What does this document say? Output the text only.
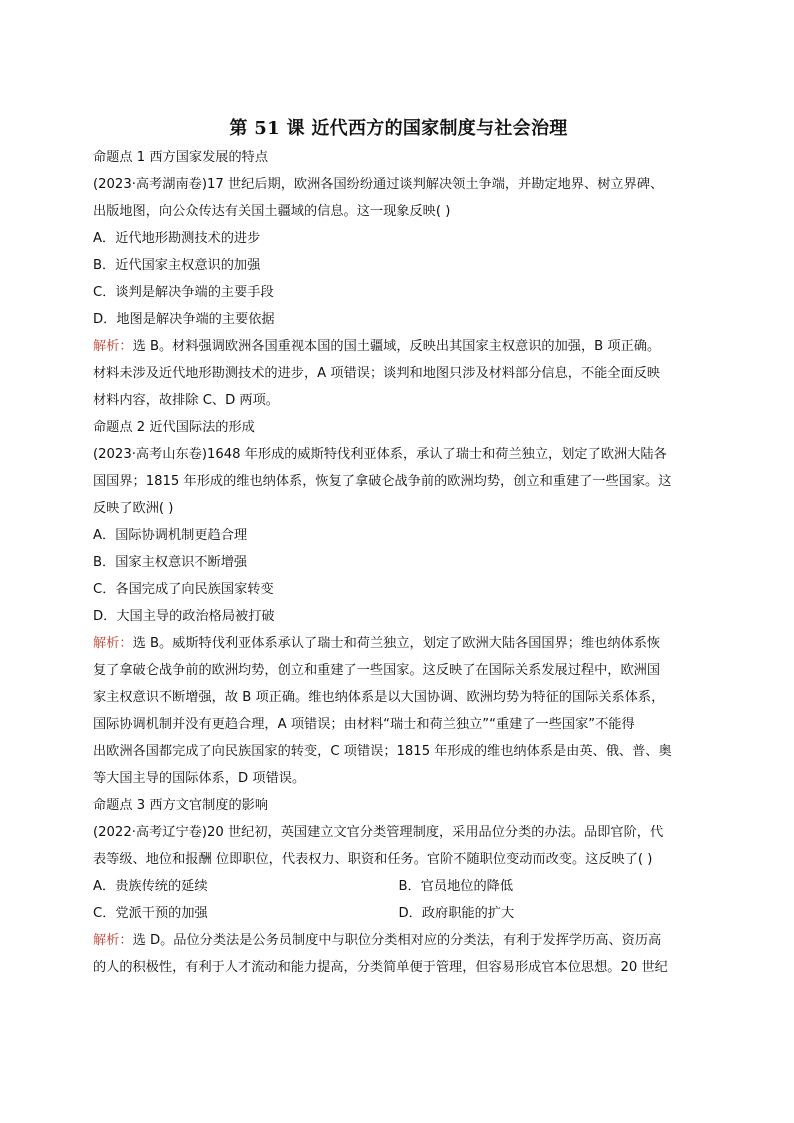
第 51 课 近代西方的国家制度与社会治理
命题点 1 西方国家发展的特点
(2023·高考湖南卷)17 世纪后期，欧洲各国纷纷通过谈判解决领土争端，并勘定地界、树立界碑、
出版地图，向公众传达有关国土疆域的信息。这一现象反映( )
A．近代地形勘测技术的进步
B．近代国家主权意识的加强
C．谈判是解决争端的主要手段
D．地图是解决争端的主要依据
解析：选 B。材料强调欧洲各国重视本国的国土疆域，反映出其国家主权意识的加强，B 项正确。
材料未涉及近代地形勘测技术的进步，A 项错误；谈判和地图只涉及材料部分信息，不能全面反映
材料内容，故排除 C、D 两项。
命题点 2 近代国际法的形成
(2023·高考山东卷)1648 年形成的威斯特伐利亚体系，承认了瑞士和荷兰独立，划定了欧洲大陆各
国国界；1815 年形成的维也纳体系，恢复了拿破仑战争前的欧洲均势，创立和重建了一些国家。这
反映了欧洲( )
A．国际协调机制更趋合理
B．国家主权意识不断增强
C．各国完成了向民族国家转变
D．大国主导的政治格局被打破
解析：选 B。威斯特伐利亚体系承认了瑞士和荷兰独立，划定了欧洲大陆各国国界；维也纳体系恢
复了拿破仑战争前的欧洲均势，创立和重建了一些国家。这反映了在国际关系发展过程中，欧洲国
家主权意识不断增强，故 B 项正确。维也纳体系是以大国协调、欧洲均势为特征的国际关系体系，
国际协调机制并没有更趋合理，A 项错误；由材料“瑞士和荷兰独立”“重建了一些国家”不能得
出欧洲各国都完成了向民族国家的转变，C 项错误；1815 年形成的维也纳体系是由英、俄、普、奥
等大国主导的国际体系，D 项错误。
命题点 3 西方文官制度的影响
(2022·高考辽宁卷)20 世纪初，英国建立文官分类管理制度，采用品位分类的办法。品即官阶，代
表等级、地位和报酬 位即职位，代表权力、职资和任务。官阶不随职位变动而改变。这反映了( )
A．贵族传统的延续	B．官员地位的降低
C．党派干预的加强	D．政府职能的扩大
解析：选 D。品位分类法是公务员制度中与职位分类相对应的分类法，有利于发挥学历高、资历高
的人的积极性，有利于人才流动和能力提高，分类简单便于管理，但容易形成官本位思想。20 世纪
